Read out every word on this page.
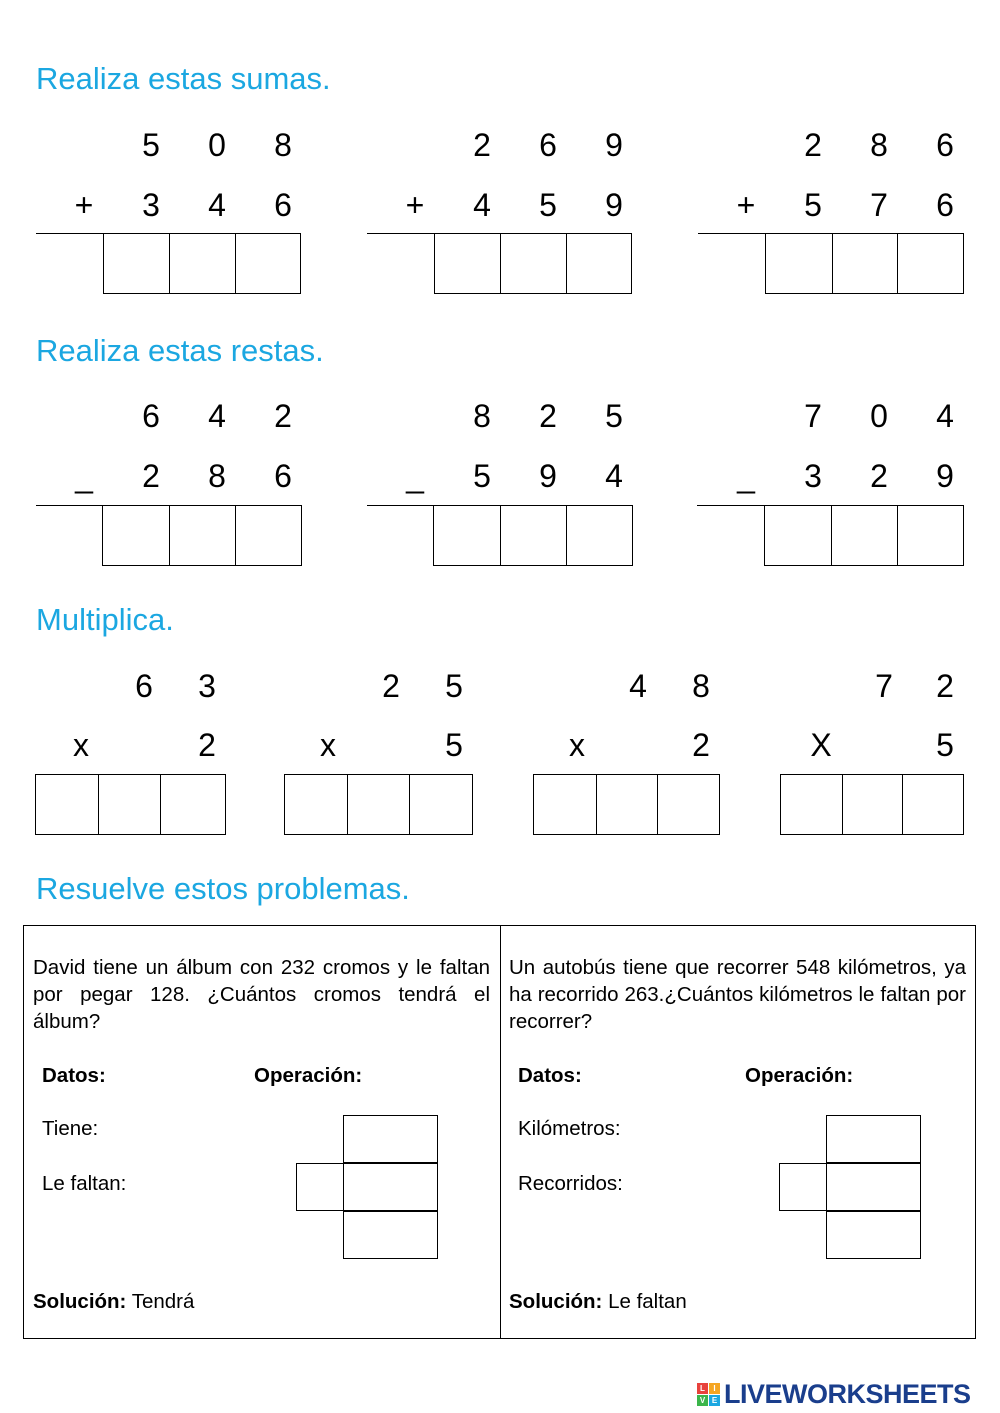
Realiza estas sumas.
Realiza estas restas.
Multiplica.
Resuelve estos problemas.
5 0 8
+ 3 4 6
2 6 9
+ 4 5 9
2 8 6
+ 5 7 6
6 4 2
_ 2 8 6
8 2 5
_ 5 9 4
7 0 4
_ 3 2 9
6 3
x	2
2 5
x	5
4 8
x	2
7 2
X	5
David tiene un álbum con 232 cromos y le faltan por pegar 128. ¿Cuántos cromos tendrá el álbum?
Datos:	Operación:
Tiene:
Le faltan:
Solución: Tendrá
Un autobús tiene que recorrer 548 kilómetros, ya ha recorrido 263.¿Cuántos kilómetros le faltan por recorrer?
Datos:	Operación:
Kilómetros:
Recorridos:
Solución: Le faltan
L	I
V E LIVEWORKSHEETS
